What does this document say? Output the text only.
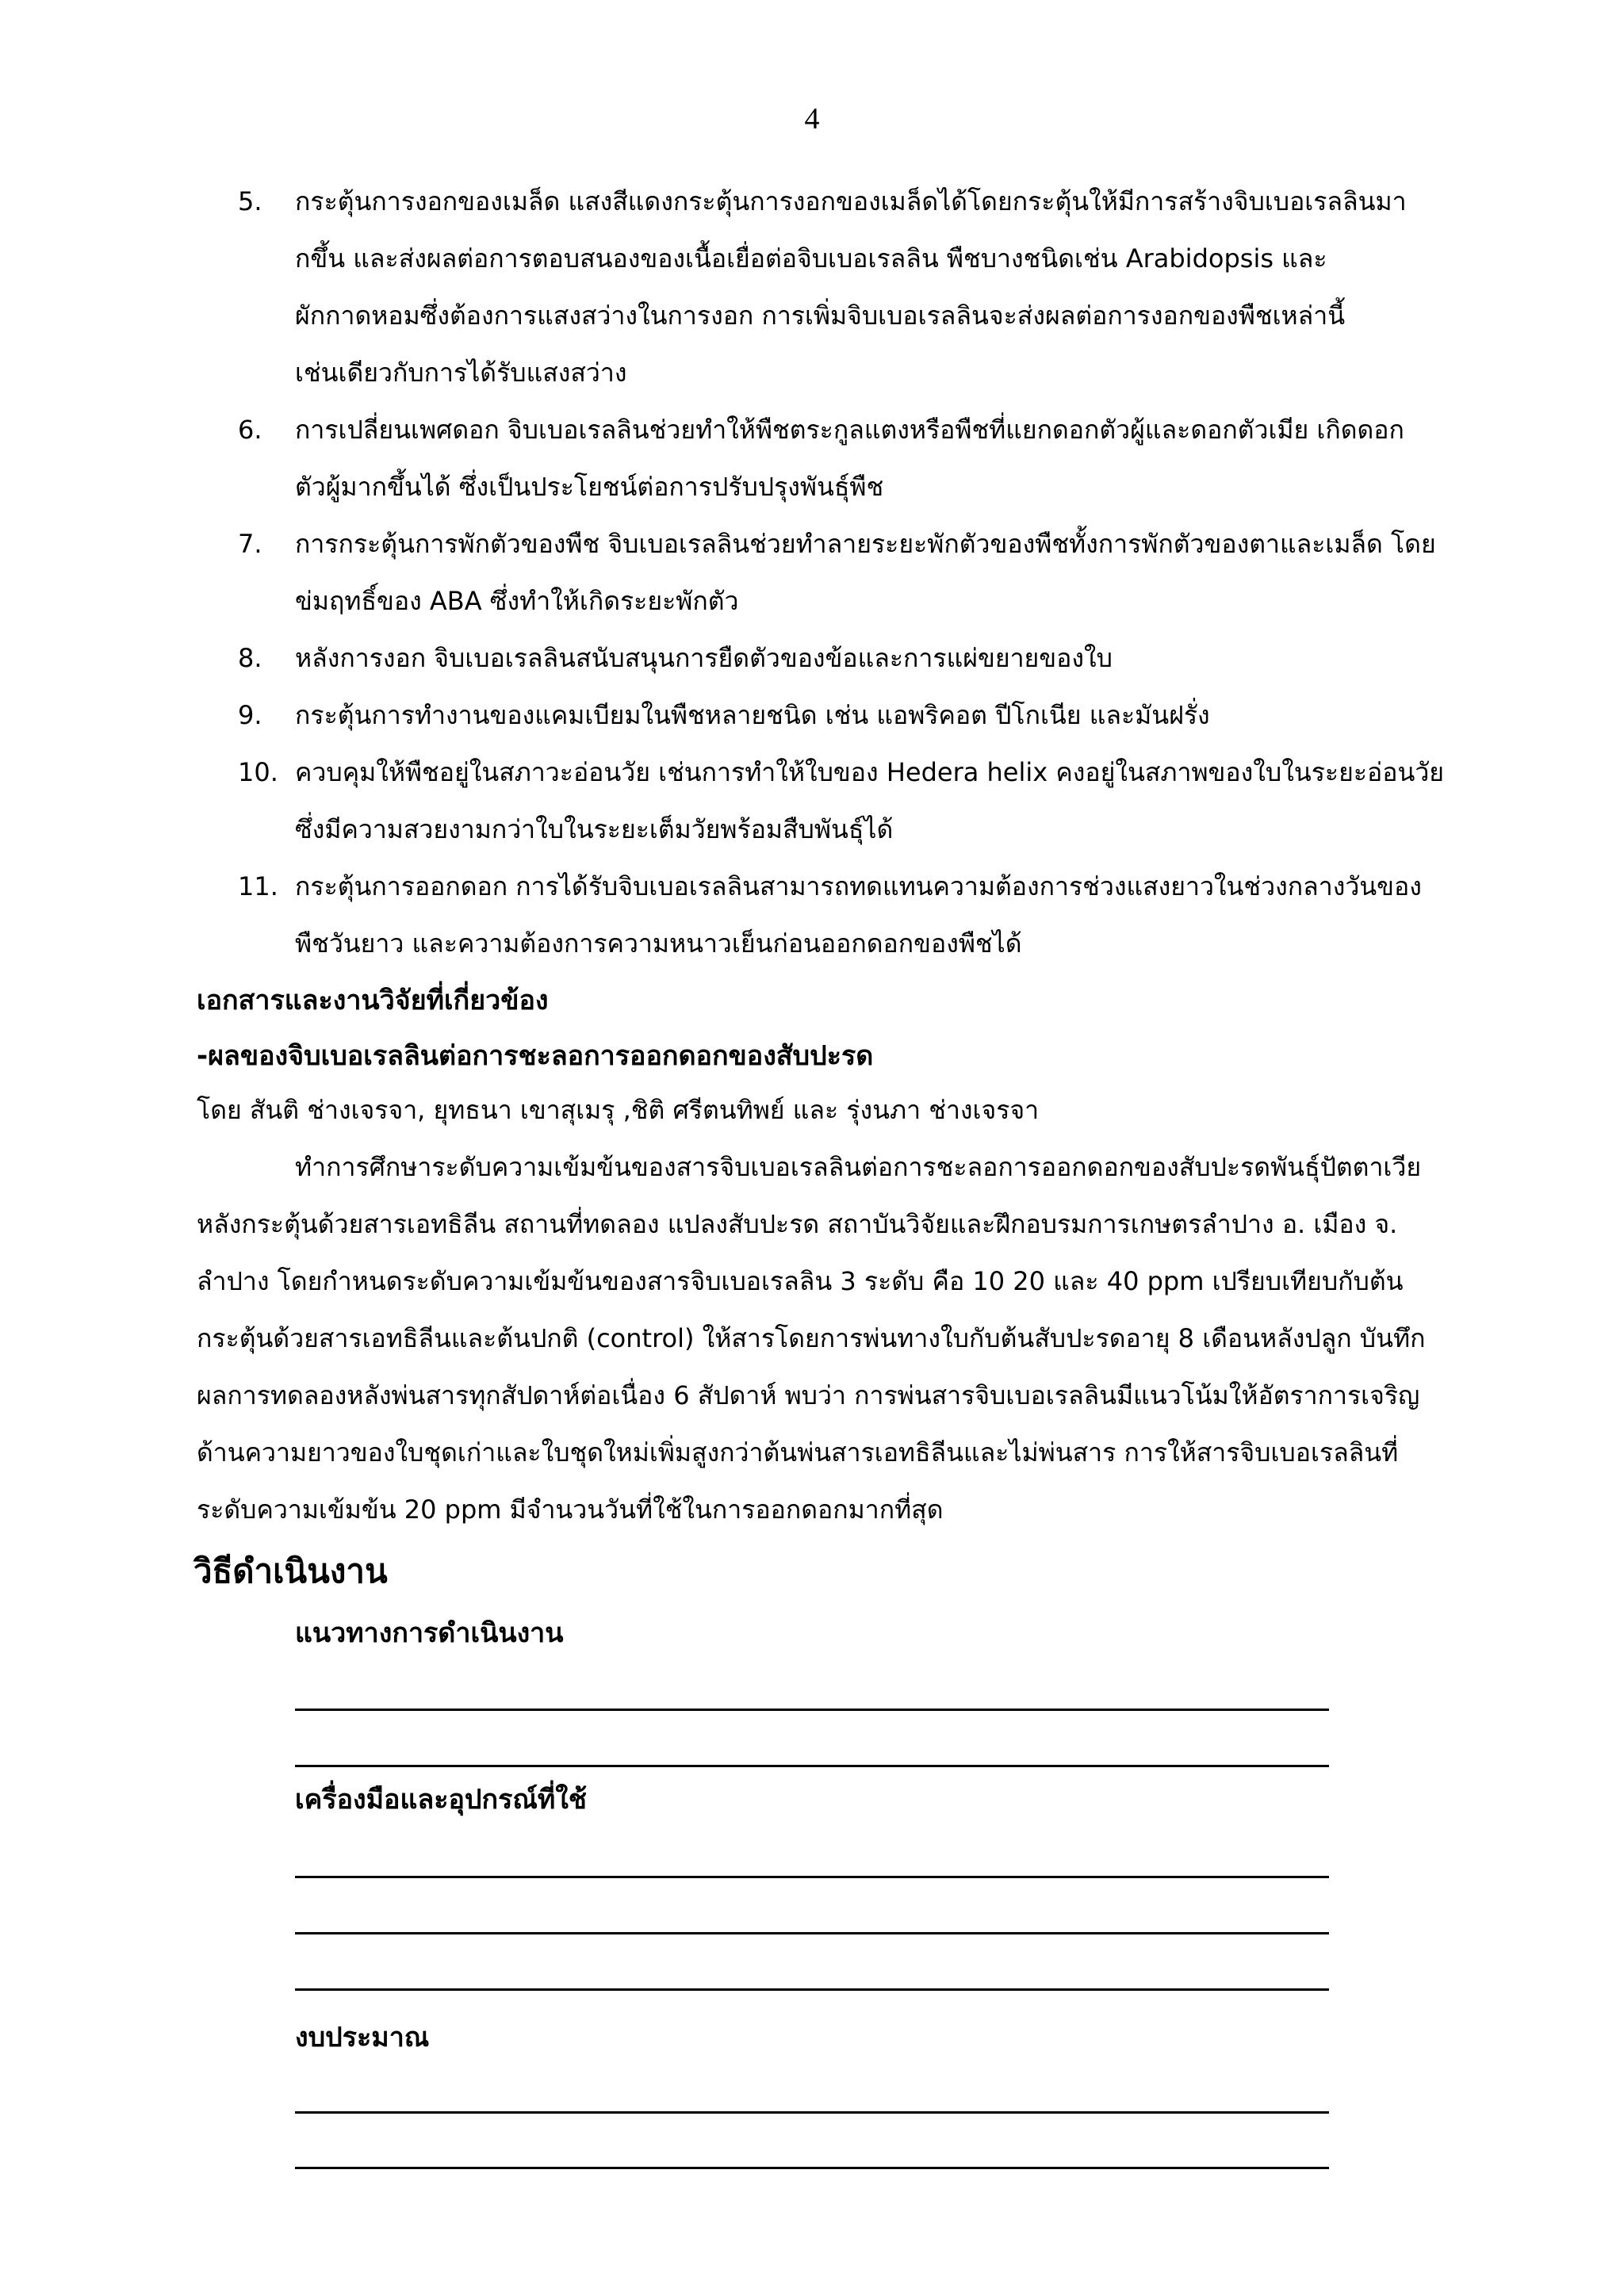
4
5.	กระตุ้นการงอกของเมล็ด แสงสีแดงกระตุ้นการงอกของเมล็ดได้โดยกระตุ้นให้มีการสร้างจิบเบอเรลลินมา
กขึ้น และส่งผลต่อการตอบสนองของเนื้อเยื่อต่อจิบเบอเรลลิน พืชบางชนิดเช่น Arabidopsis และ
ผักกาดหอมซึ่งต้องการแสงสว่างในการงอก การเพิ่มจิบเบอเรลลินจะส่งผลต่อการงอกของพืชเหล่านี้
เช่นเดียวกับการได้รับแสงสว่าง
6.	การเปลี่ยนเพศดอก จิบเบอเรลลินช่วยทำให้พืชตระกูลแตงหรือพืชที่แยกดอกตัวผู้และดอกตัวเมีย เกิดดอก
ตัวผู้มากขึ้นได้ ซึ่งเป็นประโยชน์ต่อการปรับปรุงพันธุ์พืช
7.	การกระตุ้นการพักตัวของพืช จิบเบอเรลลินช่วยทำลายระยะพักตัวของพืชทั้งการพักตัวของตาและเมล็ด โดย
ข่มฤทธิ์ของ ABA ซึ่งทำให้เกิดระยะพักตัว
8.	หลังการงอก จิบเบอเรลลินสนับสนุนการยืดตัวของข้อและการแผ่ขยายของใบ
9.	กระตุ้นการทำงานของแคมเบียมในพืชหลายชนิด เช่น แอพริคอต ปีโกเนีย และมันฝรั่ง
10. ควบคุมให้พืชอยู่ในสภาวะอ่อนวัย เช่นการทำให้ใบของ Hedera helix คงอยู่ในสภาพของใบในระยะอ่อนวัย
ซึ่งมีความสวยงามกว่าใบในระยะเต็มวัยพร้อมสืบพันธุ์ได้
11. กระตุ้นการออกดอก การได้รับจิบเบอเรลลินสามารถทดแทนความต้องการช่วงแสงยาวในช่วงกลางวันของ
พืชวันยาว และความต้องการความหนาวเย็นก่อนออกดอกของพืชได้
เอกสารและงานวิจัยที่เกี่ยวข้อง
-ผลของจิบเบอเรลลินต่อการชะลอการออกดอกของสับปะรด
โดย สันติ ช่างเจรจา, ยุทธนา เขาสุเมรุ ,ชิติ ศรีตนทิพย์ และ รุ่งนภา ช่างเจรจา
ทำการศึกษาระดับความเข้มข้นของสารจิบเบอเรลลินต่อการชะลอการออกดอกของสับปะรดพันธุ์ปัตตาเวีย
หลังกระตุ้นด้วยสารเอทธิลีน สถานที่ทดลอง แปลงสับปะรด สถาบันวิจัยและฝึกอบรมการเกษตรลำปาง อ. เมือง จ.
ลำปาง โดยกำหนดระดับความเข้มข้นของสารจิบเบอเรลลิน 3 ระดับ คือ 10 20 และ 40 ppm เปรียบเทียบกับต้น
กระตุ้นด้วยสารเอทธิลีนและต้นปกติ (control) ให้สารโดยการพ่นทางใบกับต้นสับปะรดอายุ 8 เดือนหลังปลูก บันทึก
ผลการทดลองหลังพ่นสารทุกสัปดาห์ต่อเนื่อง 6 สัปดาห์ พบว่า การพ่นสารจิบเบอเรลลินมีแนวโน้มให้อัตราการเจริญ
ด้านความยาวของใบชุดเก่าและใบชุดใหม่เพิ่มสูงกว่าต้นพ่นสารเอทธิลีนและไม่พ่นสาร การให้สารจิบเบอเรลลินที่
ระดับความเข้มข้น 20 ppm มีจำนวนวันที่ใช้ในการออกดอกมากที่สุด
วิธีดำเนินงาน
แนวทางการดำเนินงาน
เครื่องมือและอุปกรณ์ที่ใช้
งบประมาณ
